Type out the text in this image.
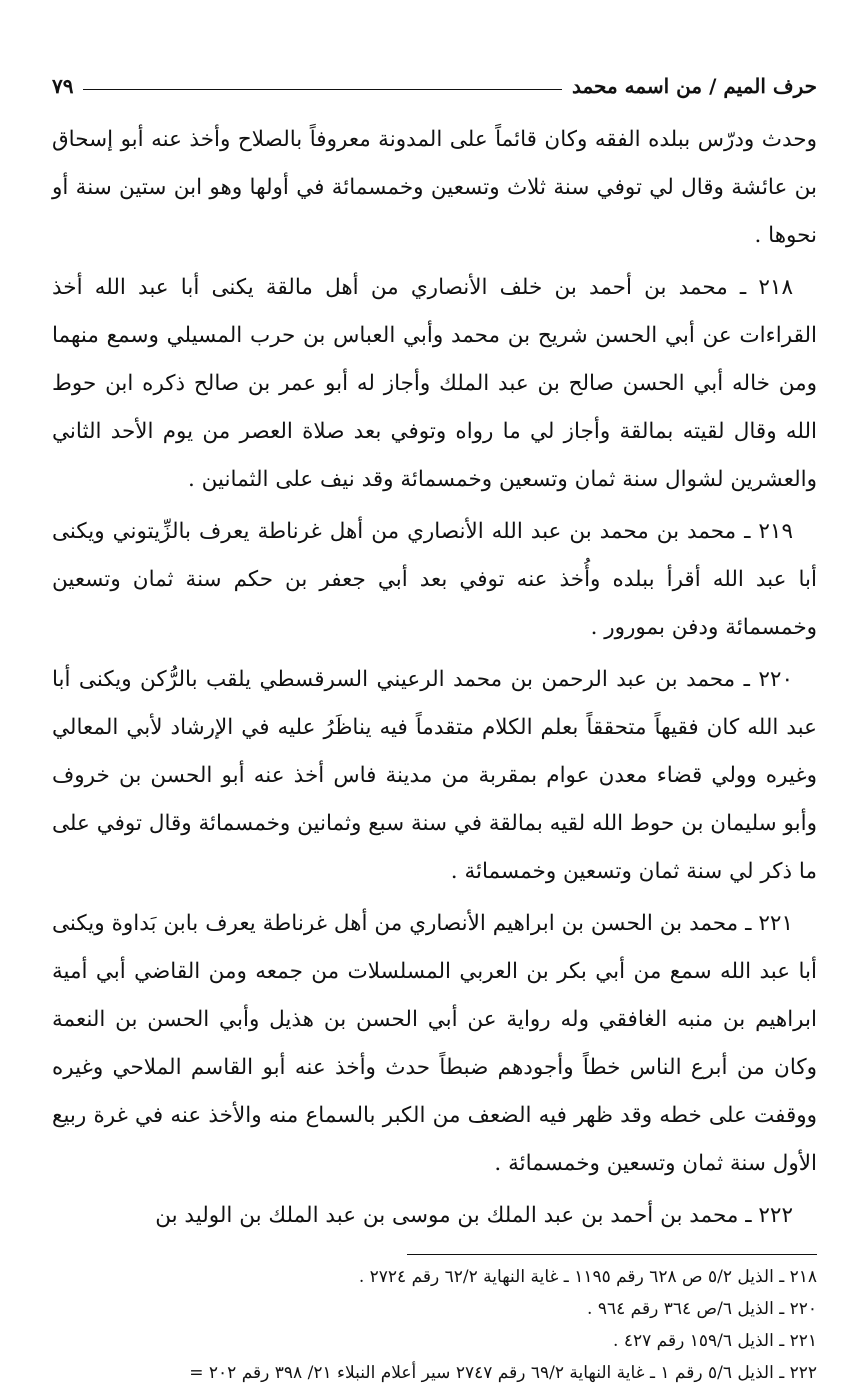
حرف الميم / من اسمه محمد
٧٩

وحدث ودرّس ببلده الفقه وكان قائماً على المدونة معروفاً بالصلاح وأخذ عنه أبو إسحاق بن عائشة وقال لي توفي سنة ثلاث وتسعين وخمسمائة في أولها وهو ابن ستين سنة أو نحوها .

٢١٨ ـ محمد بن أحمد بن خلف الأنصاري من أهل مالقة يكنى أبا عبد الله أخذ القراءات عن أبي الحسن شريح بن محمد وأبي العباس بن حرب المسيلي وسمع منهما ومن خاله أبي الحسن صالح بن عبد الملك وأجاز له أبو عمر بن صالح ذكره ابن حوط الله وقال لقيته بمالقة وأجاز لي ما رواه وتوفي بعد صلاة العصر من يوم الأحد الثاني والعشرين لشوال سنة ثمان وتسعين وخمسمائة وقد نيف على الثمانين .

٢١٩ ـ محمد بن محمد بن عبد الله الأنصاري من أهل غرناطة يعرف بالزِّيتوني ويكنى أبا عبد الله أقرأ ببلده وأُخذ عنه توفي بعد أبي جعفر بن حكم سنة ثمان وتسعين وخمسمائة ودفن بمورور .

٢٢٠ ـ محمد بن عبد الرحمن بن محمد الرعيني السرقسطي يلقب بالرُّكن ويكنى أبا عبد الله كان فقيهاً متحققاً بعلم الكلام متقدماً فيه يناظَرُ عليه في الإرشاد لأبي المعالي وغيره وولي قضاء معدن عوام بمقربة من مدينة فاس أخذ عنه أبو الحسن بن خروف وأبو سليمان بن حوط الله لقيه بمالقة في سنة سبع وثمانين وخمسمائة وقال توفي على ما ذكر لي سنة ثمان وتسعين وخمسمائة .

٢٢١ ـ محمد بن الحسن بن ابراهيم الأنصاري من أهل غرناطة يعرف بابن بَداوة ويكنى أبا عبد الله سمع من أبي بكر بن العربي المسلسلات من جمعه ومن القاضي أبي أمية ابراهيم بن منبه الغافقي وله رواية عن أبي الحسن بن هذيل وأبي الحسن بن النعمة وكان من أبرع الناس خطاً وأجودهم ضبطاً حدث وأخذ عنه أبو القاسم الملاحي وغيره ووقفت على خطه وقد ظهر فيه الضعف من الكبر بالسماع منه والأخذ عنه في غرة ربيع الأول سنة ثمان وتسعين وخمسمائة .

٢٢٢ ـ محمد بن أحمد بن عبد الملك بن موسى بن عبد الملك بن الوليد بن

٢١٨ ـ الذيل ٥/٢ ص ٦٢٨ رقم ١١٩٥ ـ غاية النهاية ٦٢/٢ رقم ٢٧٢٤ .

٢٢٠ ـ الذيل ٦/ص ٣٦٤ رقم ٩٦٤ .

٢٢١ ـ الذيل ١٥٩/٦ رقم ٤٢٧ .

٢٢٢ ـ الذيل ٥/٦ رقم ١ ـ غاية النهاية ٦٩/٢ رقم ٢٧٤٧ سير أعلام النبلاء ٢١/ ٣٩٨ رقم ٢٠٢ =
